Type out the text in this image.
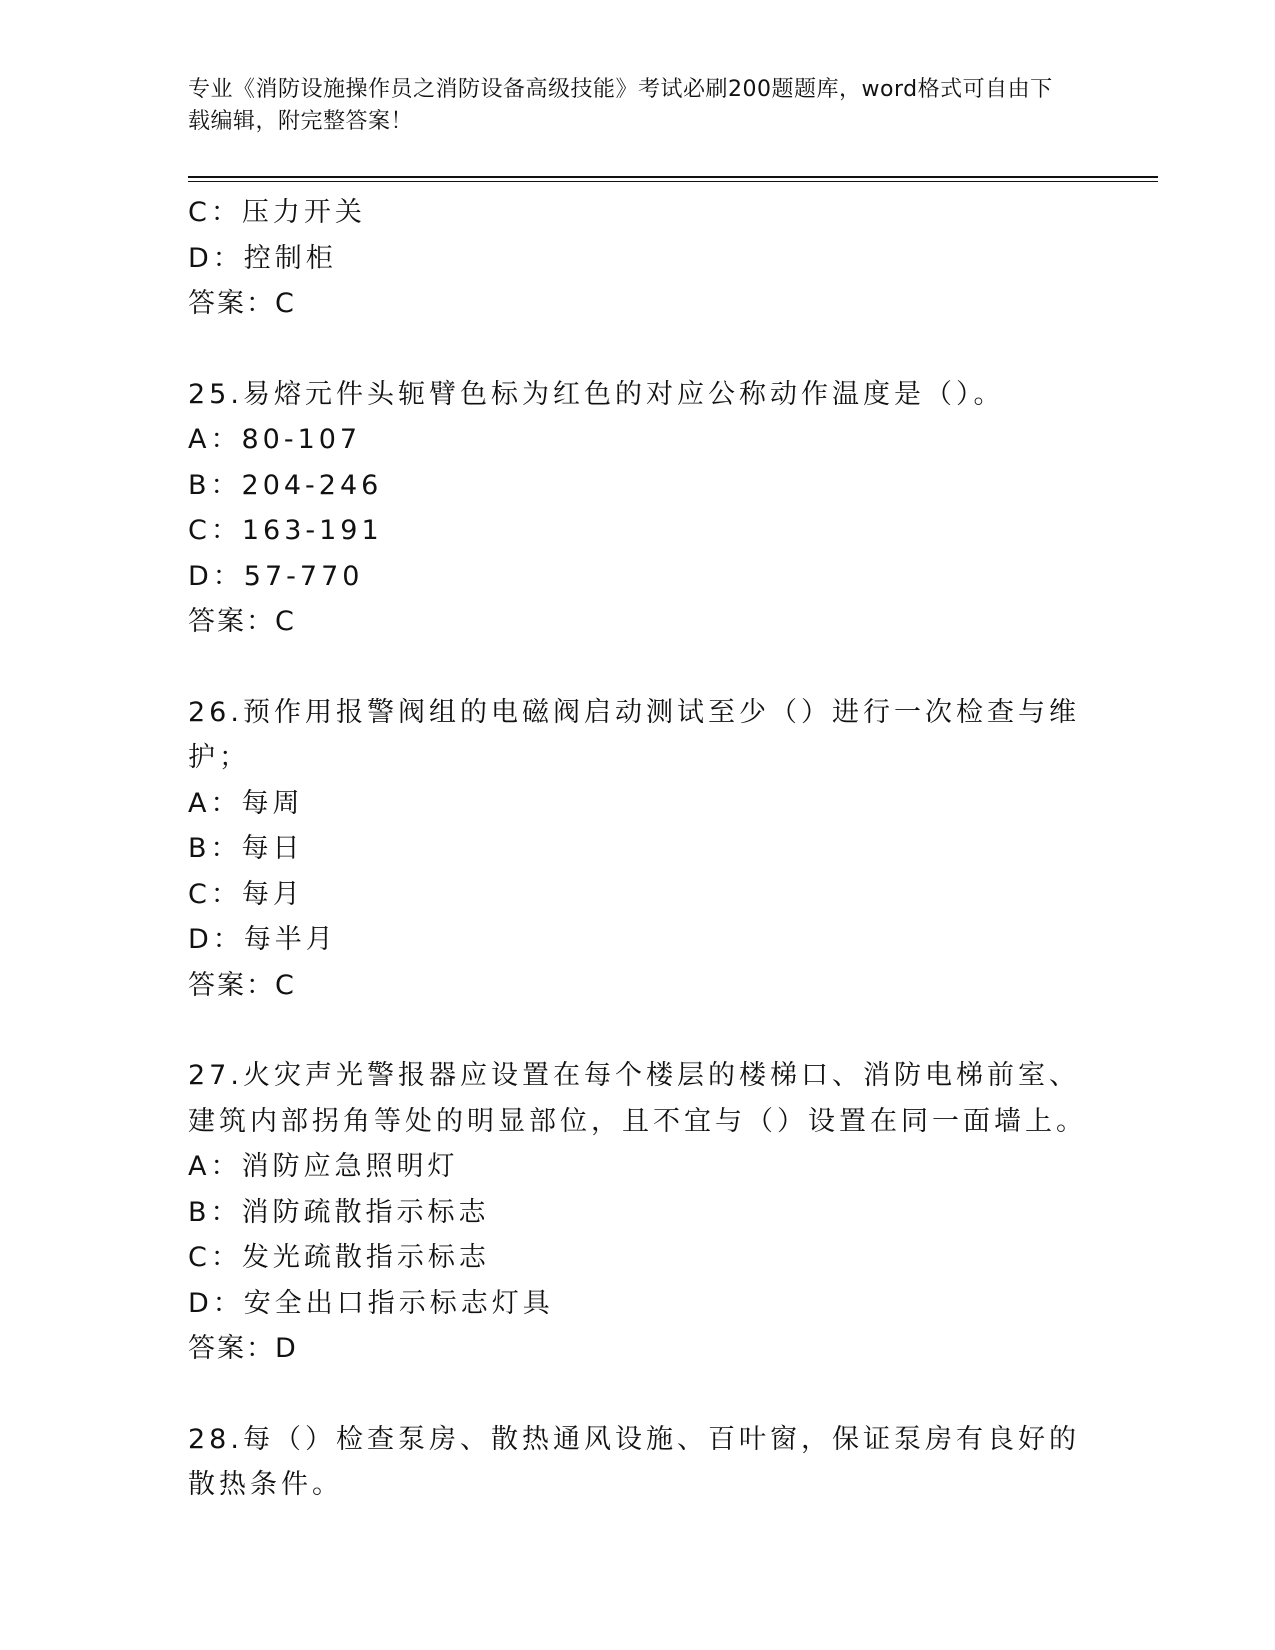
专业《消防设施操作员之消防设备高级技能》考试必刷200题题库，word格式可自由下载编辑，附完整答案！
C：压力开关
D：控制柜
答案：C
25.易熔元件头轭臂色标为红色的对应公称动作温度是（）。
A：80-107
B：204-246
C：163-191
D：57-770
答案：C
26.预作用报警阀组的电磁阀启动测试至少（）进行一次检查与维护；
A：每周
B：每日
C：每月
D：每半月
答案：C
27.火灾声光警报器应设置在每个楼层的楼梯口、消防电梯前室、建筑内部拐角等处的明显部位，且不宜与（）设置在同一面墙上。
A：消防应急照明灯
B：消防疏散指示标志
C：发光疏散指示标志
D：安全出口指示标志灯具
答案：D
28.每（）检查泵房、散热通风设施、百叶窗，保证泵房有良好的散热条件。
